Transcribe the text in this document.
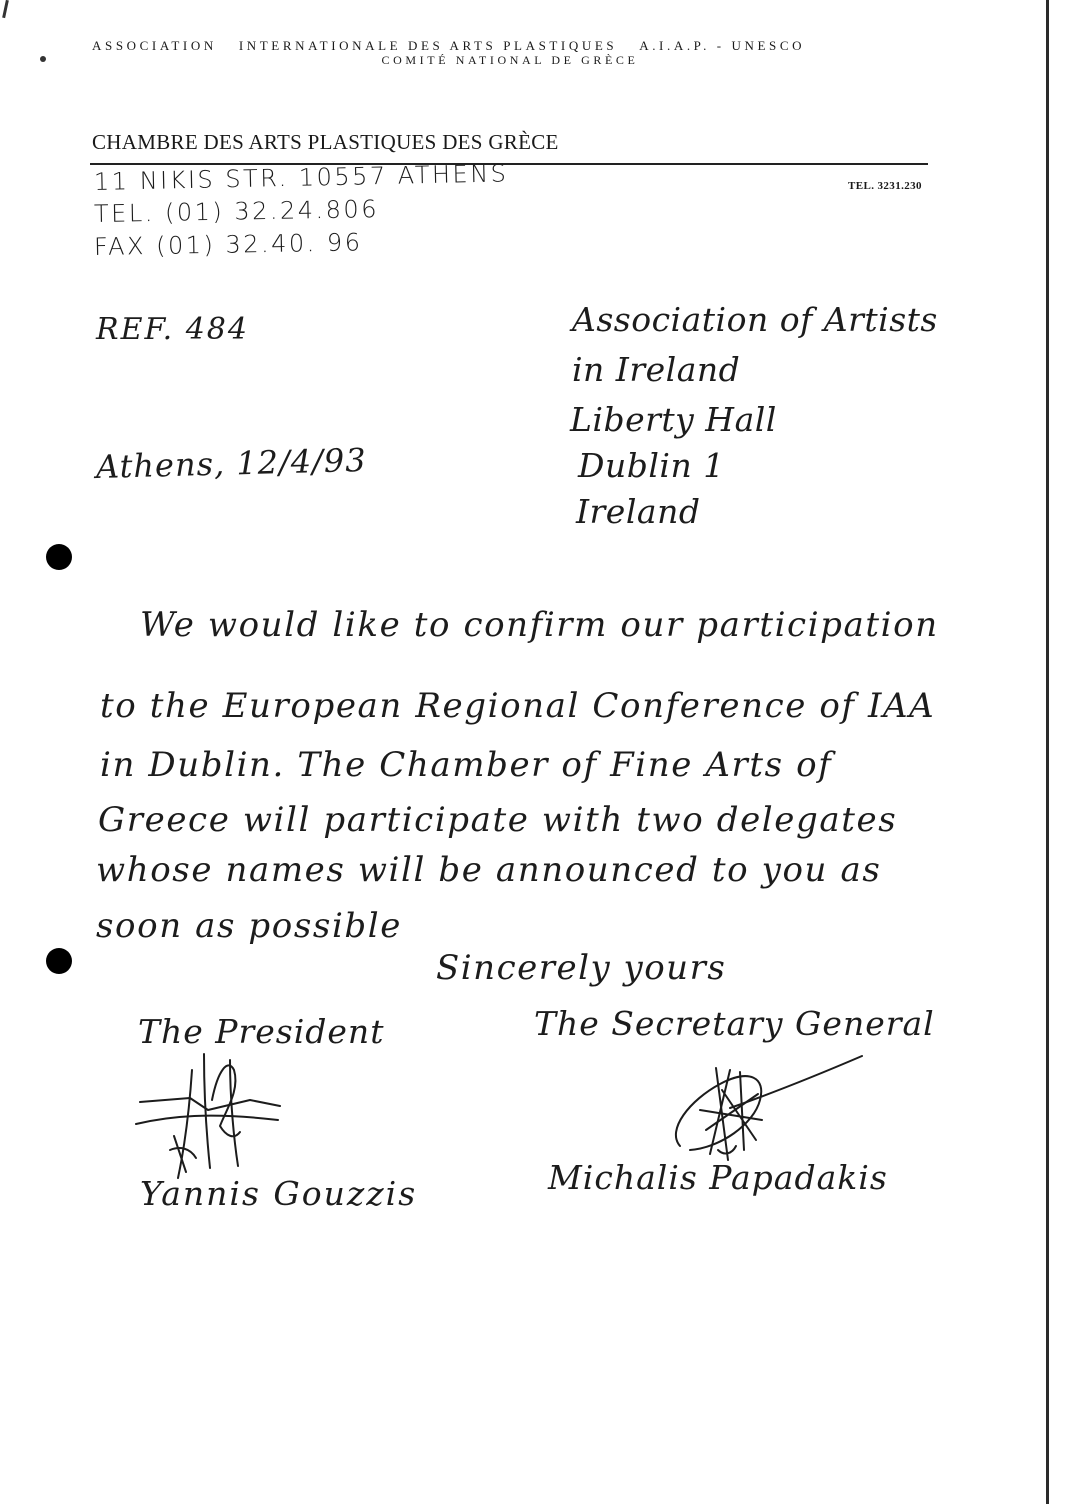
ASSOCIATION INTERNATIONALE DES ARTS PLASTIQUES A.I.A.P. - UNESCO
COMITÉ NATIONAL DE GRÈCE
CHAMBRE DES ARTS PLASTIQUES DES GRÈCE
TEL. 3231.230
11 NIKIS STR. 10557 ATHENS
TEL. (01) 32.24.806
FAX (01) 32.40. 96
REF. 484
Athens, 12/4/93
Association of Artists
in Ireland
Liberty Hall
Dublin 1
Ireland
We would like to confirm our participation
to the European Regional Conference of IAA
in Dublin. The Chamber of Fine Arts of
Greece will participate with two delegates
whose names will be announced to you as
soon as possible
Sincerely yours
The President	The Secretary General
Yannis Gouzzis	Michalis Papadakis
